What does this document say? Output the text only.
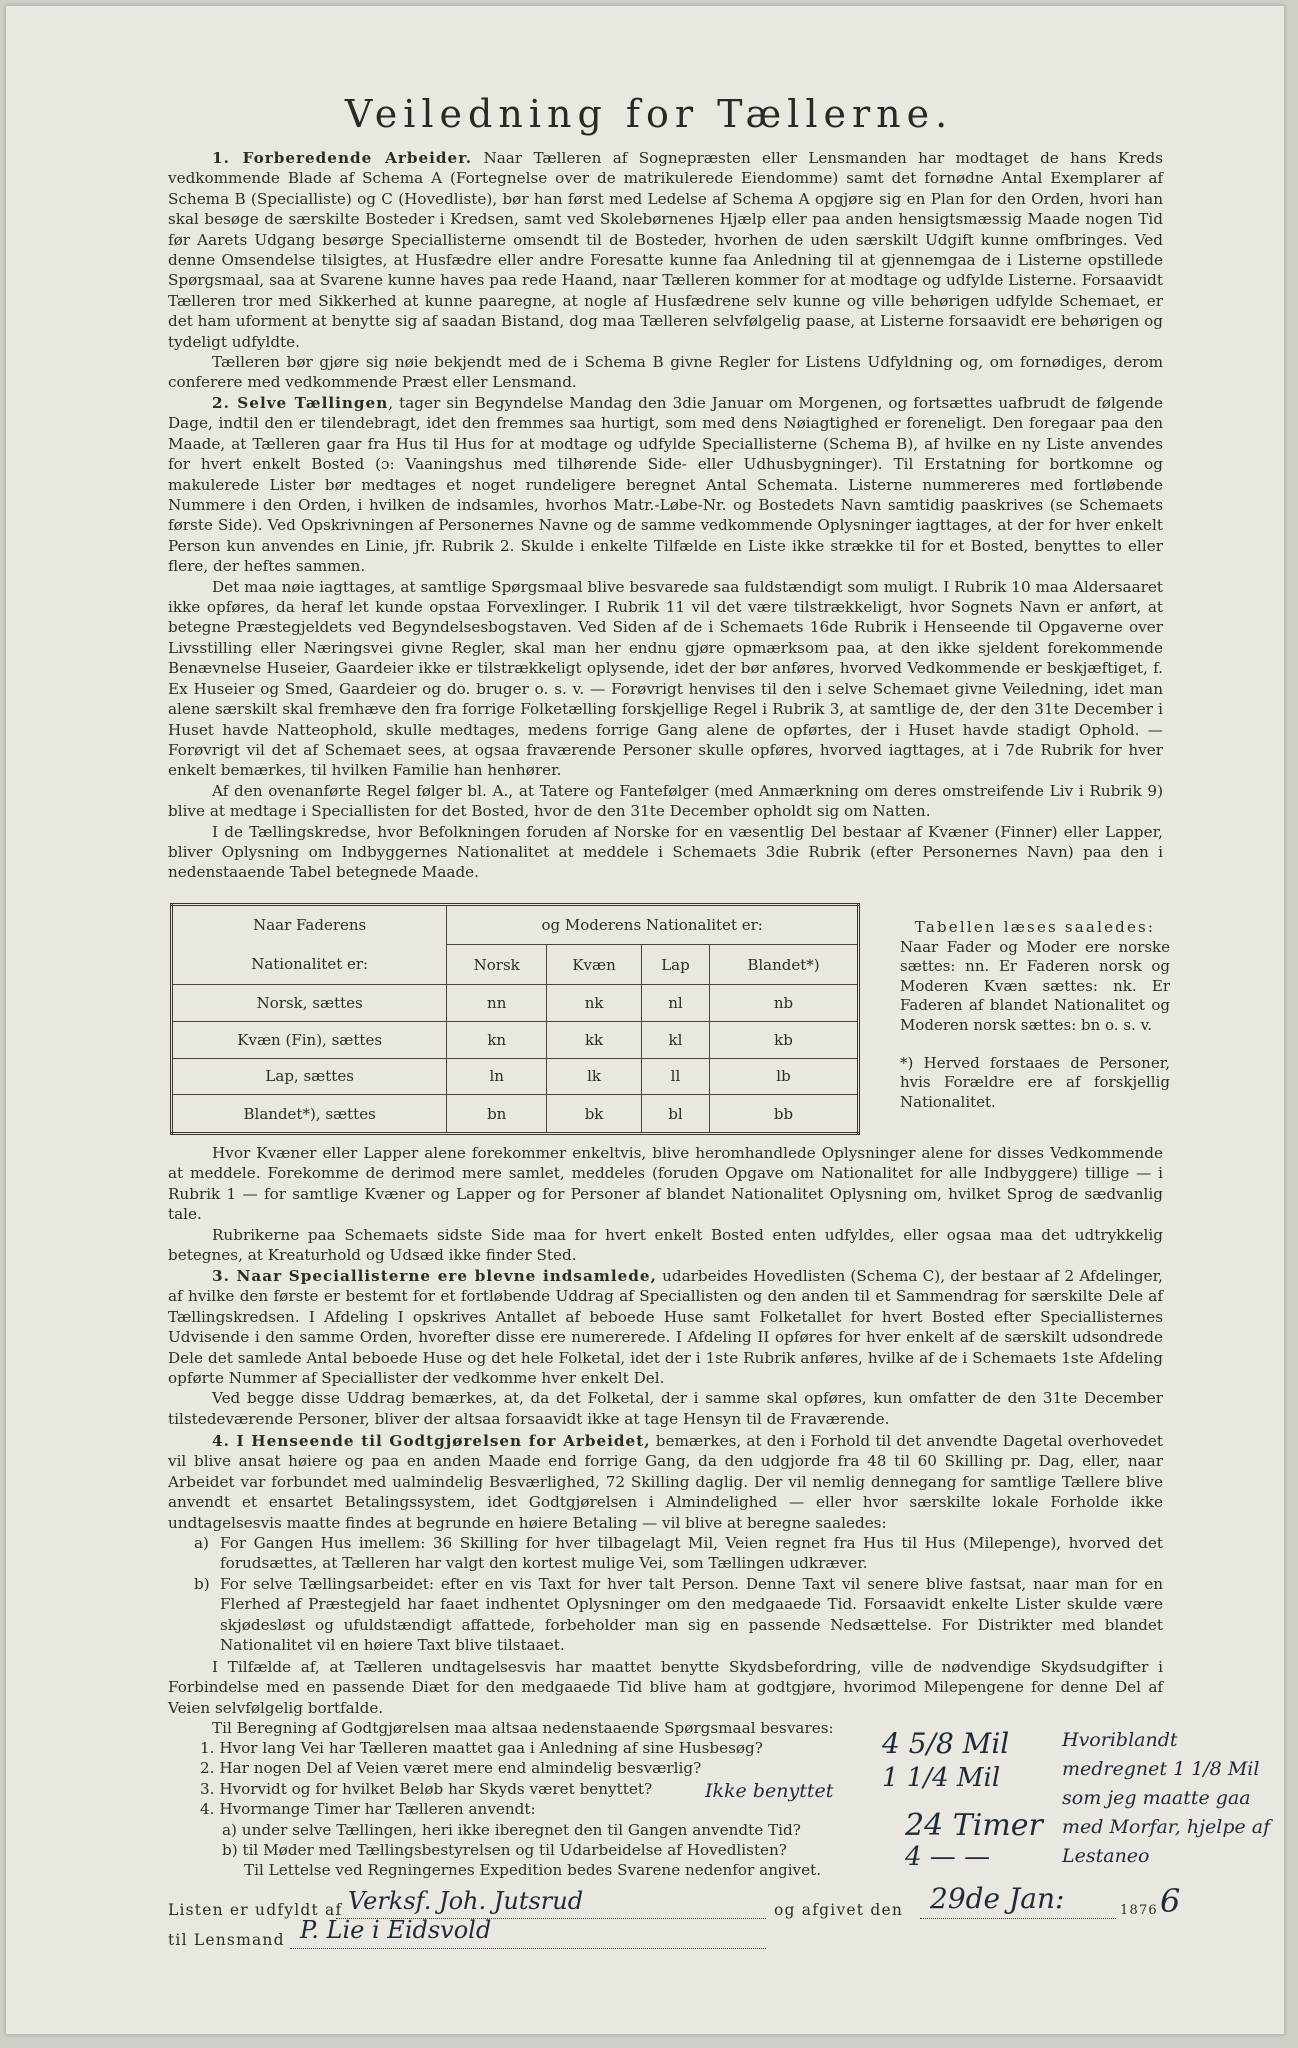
Veiledning for Tællerne.

1. Forberedende Arbeider. Naar Tælleren af Sognepræsten eller Lensmanden har modtaget de hans Kreds vedkommende Blade af Schema A (Fortegnelse over de matrikulerede Eiendomme) samt det fornødne Antal Exemplarer af Schema B (Specialliste) og C (Hovedliste), bør han først med Ledelse af Schema A opgjøre sig en Plan for den Orden, hvori han skal besøge de særskilte Bosteder i Kredsen, samt ved Skolebørnenes Hjælp eller paa anden hensigtsmæssig Maade nogen Tid før Aarets Udgang besørge Speciallisterne omsendt til de Bosteder, hvorhen de uden særskilt Udgift kunne omfbringes. Ved denne Omsendelse tilsigtes, at Husfædre eller andre Foresatte kunne faa Anledning til at gjennemgaa de i Listerne opstillede Spørgsmaal, saa at Svarene kunne haves paa rede Haand, naar Tælleren kommer for at modtage og udfylde Listerne. Forsaavidt Tælleren tror med Sikkerhed at kunne paaregne, at nogle af Husfædrene selv kunne og ville behørigen udfylde Schemaet, er det ham uforment at benytte sig af saadan Bistand, dog maa Tælleren selvfølgelig paase, at Listerne forsaavidt ere behørigen og tydeligt udfyldte.

Tælleren bør gjøre sig nøie bekjendt med de i Schema B givne Regler for Listens Udfyldning og, om fornødiges, derom conferere med vedkommende Præst eller Lensmand.

2. Selve Tællingen, tager sin Begyndelse Mandag den 3die Januar om Morgenen, og fortsættes uafbrudt de følgende Dage, indtil den er tilendebragt, idet den fremmes saa hurtigt, som med dens Nøiagtighed er foreneligt. Den foregaar paa den Maade, at Tælleren gaar fra Hus til Hus for at modtage og udfylde Speciallisterne (Schema B), af hvilke en ny Liste anvendes for hvert enkelt Bosted (ɔ: Vaaningshus med tilhørende Side- eller Udhusbygninger). Til Erstatning for bortkomne og makulerede Lister bør medtages et noget rundeligere beregnet Antal Schemata. Listerne nummereres med fortløbende Nummere i den Orden, i hvilken de indsamles, hvorhos Matr.-Løbe-Nr. og Bostedets Navn samtidig paaskrives (se Schemaets første Side). Ved Opskrivningen af Personernes Navne og de samme vedkommende Oplysninger iagttages, at der for hver enkelt Person kun anvendes en Linie, jfr. Rubrik 2. Skulde i enkelte Tilfælde en Liste ikke strække til for et Bosted, benyttes to eller flere, der heftes sammen.

Det maa nøie iagttages, at samtlige Spørgsmaal blive besvarede saa fuldstændigt som muligt. I Rubrik 10 maa Aldersaaret ikke opføres, da heraf let kunde opstaa Forvexlinger. I Rubrik 11 vil det være tilstrækkeligt, hvor Sognets Navn er anført, at betegne Præstegjeldets ved Begyndelsesbogstaven. Ved Siden af de i Schemaets 16de Rubrik i Henseende til Opgaverne over Livsstilling eller Næringsvei givne Regler, skal man her endnu gjøre opmærksom paa, at den ikke sjeldent forekommende Benævnelse Huseier, Gaardeier ikke er tilstrækkeligt oplysende, idet der bør anføres, hvorved Vedkommende er beskjæftiget, f. Ex Huseier og Smed, Gaardeier og do. bruger o. s. v. — Forøvrigt henvises til den i selve Schemaet givne Veiledning, idet man alene særskilt skal fremhæve den fra forrige Folketælling forskjellige Regel i Rubrik 3, at samtlige de, der den 31te December i Huset havde Natteophold, skulle medtages, medens forrige Gang alene de opførtes, der i Huset havde stadigt Ophold. — Forøvrigt vil det af Schemaet sees, at ogsaa fraværende Personer skulle opføres, hvorved iagttages, at i 7de Rubrik for hver enkelt bemærkes, til hvilken Familie han henhører.

Af den ovenanførte Regel følger bl. A., at Tatere og Fantefølger (med Anmærkning om deres omstreifende Liv i Rubrik 9) blive at medtage i Speciallisten for det Bosted, hvor de den 31te December opholdt sig om Natten.

I de Tællingskredse, hvor Befolkningen foruden af Norske for en væsentlig Del bestaar af Kvæner (Finner) eller Lapper, bliver Oplysning om Indbyggernes Nationalitet at meddele i Schemaets 3die Rubrik (efter Personernes Navn) paa den i nedenstaaende Tabel betegnede Maade.

Naar Faderens	og Moderens Nationalitet er:			
Nationalitet er:	Norsk	Kvæn	Lap	Blandet*)
Norsk, sættes	nn	nk	nl	nb
Kvæn (Fin), sættes	kn	kk	kl	kb
Lap, sættes	ln	lk	ll	lb
Blandet*), sættes	bn	bk	bl	bb

Tabellen læses saaledes:

Naar Fader og Moder ere norske sættes: nn. Er Faderen norsk og Moderen Kvæn sættes: nk. Er Faderen af blandet Nationalitet og Moderen norsk sættes: bn o. s. v.

*) Herved forstaaes de Personer, hvis Forældre ere af forskjellig Nationalitet.

Hvor Kvæner eller Lapper alene forekommer enkeltvis, blive heromhandlede Oplysninger alene for disses Vedkommende at meddele. Forekomme de derimod mere samlet, meddeles (foruden Opgave om Nationalitet for alle Indbyggere) tillige — i Rubrik 1 — for samtlige Kvæner og Lapper og for Personer af blandet Nationalitet Oplysning om, hvilket Sprog de sædvanlig tale.

Rubrikerne paa Schemaets sidste Side maa for hvert enkelt Bosted enten udfyldes, eller ogsaa maa det udtrykkelig betegnes, at Kreaturhold og Udsæd ikke finder Sted.

3. Naar Speciallisterne ere blevne indsamlede, udarbeides Hovedlisten (Schema C), der bestaar af 2 Afdelinger, af hvilke den første er bestemt for et fortløbende Uddrag af Speciallisten og den anden til et Sammendrag for særskilte Dele af Tællingskredsen. I Afdeling I opskrives Antallet af beboede Huse samt Folketallet for hvert Bosted efter Speciallisternes Udvisende i den samme Orden, hvorefter disse ere numererede. I Afdeling II opføres for hver enkelt af de særskilt udsondrede Dele det samlede Antal beboede Huse og det hele Folketal, idet der i 1ste Rubrik anføres, hvilke af de i Schemaets 1ste Afdeling opførte Nummer af Speciallister der vedkomme hver enkelt Del.

Ved begge disse Uddrag bemærkes, at, da det Folketal, der i samme skal opføres, kun omfatter de den 31te December tilstedeværende Personer, bliver der altsaa forsaavidt ikke at tage Hensyn til de Fraværende.

4. I Henseende til Godtgjørelsen for Arbeidet, bemærkes, at den i Forhold til det anvendte Dagetal overhovedet vil blive ansat høiere og paa en anden Maade end forrige Gang, da den udgjorde fra 48 til 60 Skilling pr. Dag, eller, naar Arbeidet var forbundet med ualmindelig Besværlighed, 72 Skilling daglig. Der vil nemlig dennegang for samtlige Tællere blive anvendt et ensartet Betalingssystem, idet Godtgjørelsen i Almindelighed — eller hvor særskilte lokale Forholde ikke undtagelsesvis maatte findes at begrunde en høiere Betaling — vil blive at beregne saaledes:

a) For Gangen Hus imellem: 36 Skilling for hver tilbagelagt Mil, Veien regnet fra Hus til Hus (Milepenge), hvorved det forudsættes, at Tælleren har valgt den kortest mulige Vei, som Tællingen udkræver.
b) For selve Tællingsarbeidet: efter en vis Taxt for hver talt Person. Denne Taxt vil senere blive fastsat, naar man for en Flerhed af Præstegjeld har faaet indhentet Oplysninger om den medgaaede Tid. Forsaavidt enkelte Lister skulde være skjødesløst og ufuldstændigt affattede, forbeholder man sig en passende Nedsættelse. For Distrikter med blandet Nationalitet vil en høiere Taxt blive tilstaaet.

I Tilfælde af, at Tælleren undtagelsesvis har maattet benytte Skydsbefordring, ville de nødvendige Skydsudgifter i Forbindelse med en passende Diæt for den medgaaede Tid blive ham at godtgjøre, hvorimod Milepengene for denne Del af Veien selvfølgelig bortfalde.

Til Beregning af Godtgjørelsen maa altsaa nedenstaaende Spørgsmaal besvares:

1. Hvor lang Vei har Tælleren maattet gaa i Anledning af sine Husbesøg?
2. Har nogen Del af Veien været mere end almindelig besværlig?
3. Hvorvidt og for hvilket Beløb har Skyds været benyttet?
4. Hvormange Timer har Tælleren anvendt:
a) under selve Tællingen, heri ikke iberegnet den til Gangen anvendte Tid?
b) til Møder med Tællingsbestyrelsen og til Udarbeidelse af Hovedlisten?
Til Lettelse ved Regningernes Expedition bedes Svarene nedenfor angivet.
4 5/8 Mil
1 1/4 Mil
Ikke benyttet
24 Timer
4 — —
Hvoriblandt medregnet 1 1/8 Mil som jeg maatte gaa med Morfar, hjelpe af Lestaneo
Listen er udfyldt af Verksf. Joh. Jutsrud	og afgivet den 29de Jan:	1876 6
til Lensmand P. Lie i Eidsvold
